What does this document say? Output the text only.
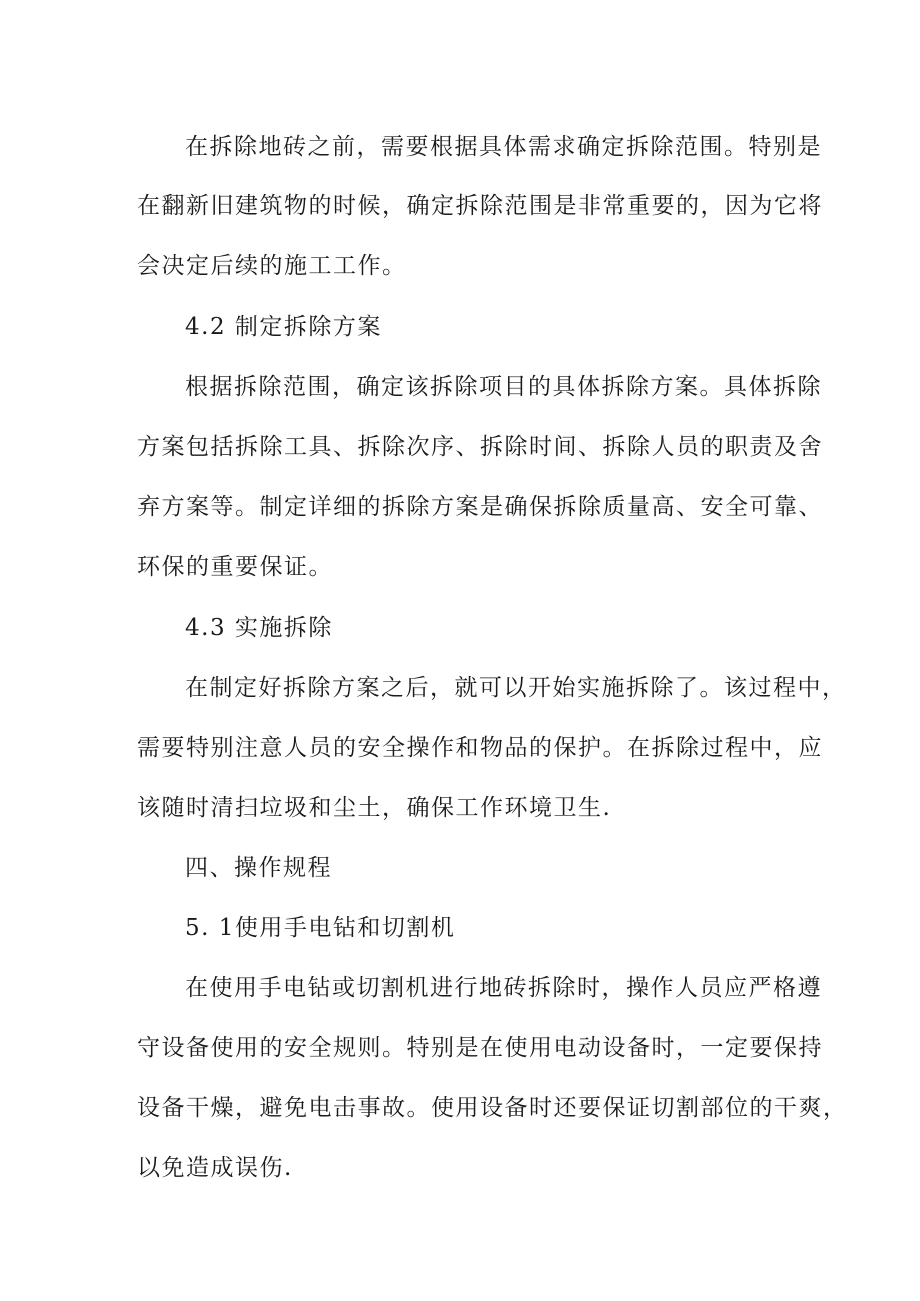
在拆除地砖之前，需要根据具体需求确定拆除范围。特别是
在翻新旧建筑物的时候，确定拆除范围是非常重要的，因为它将
会决定后续的施工工作。
4.2 制定拆除方案
根据拆除范围，确定该拆除项目的具体拆除方案。具体拆除
方案包括拆除工具、拆除次序、拆除时间、拆除人员的职责及舍
弃方案等。制定详细的拆除方案是确保拆除质量高、安全可靠、
环保的重要保证。
4.3 实施拆除
在制定好拆除方案之后，就可以开始实施拆除了。该过程中，
需要特别注意人员的安全操作和物品的保护。在拆除过程中，应
该随时清扫垃圾和尘土，确保工作环境卫生.
四、操作规程
5. 1使用手电钻和切割机
在使用手电钻或切割机进行地砖拆除时，操作人员应严格遵
守设备使用的安全规则。特别是在使用电动设备时，一定要保持
设备干燥，避免电击事故。使用设备时还要保证切割部位的干爽，
以免造成误伤.
